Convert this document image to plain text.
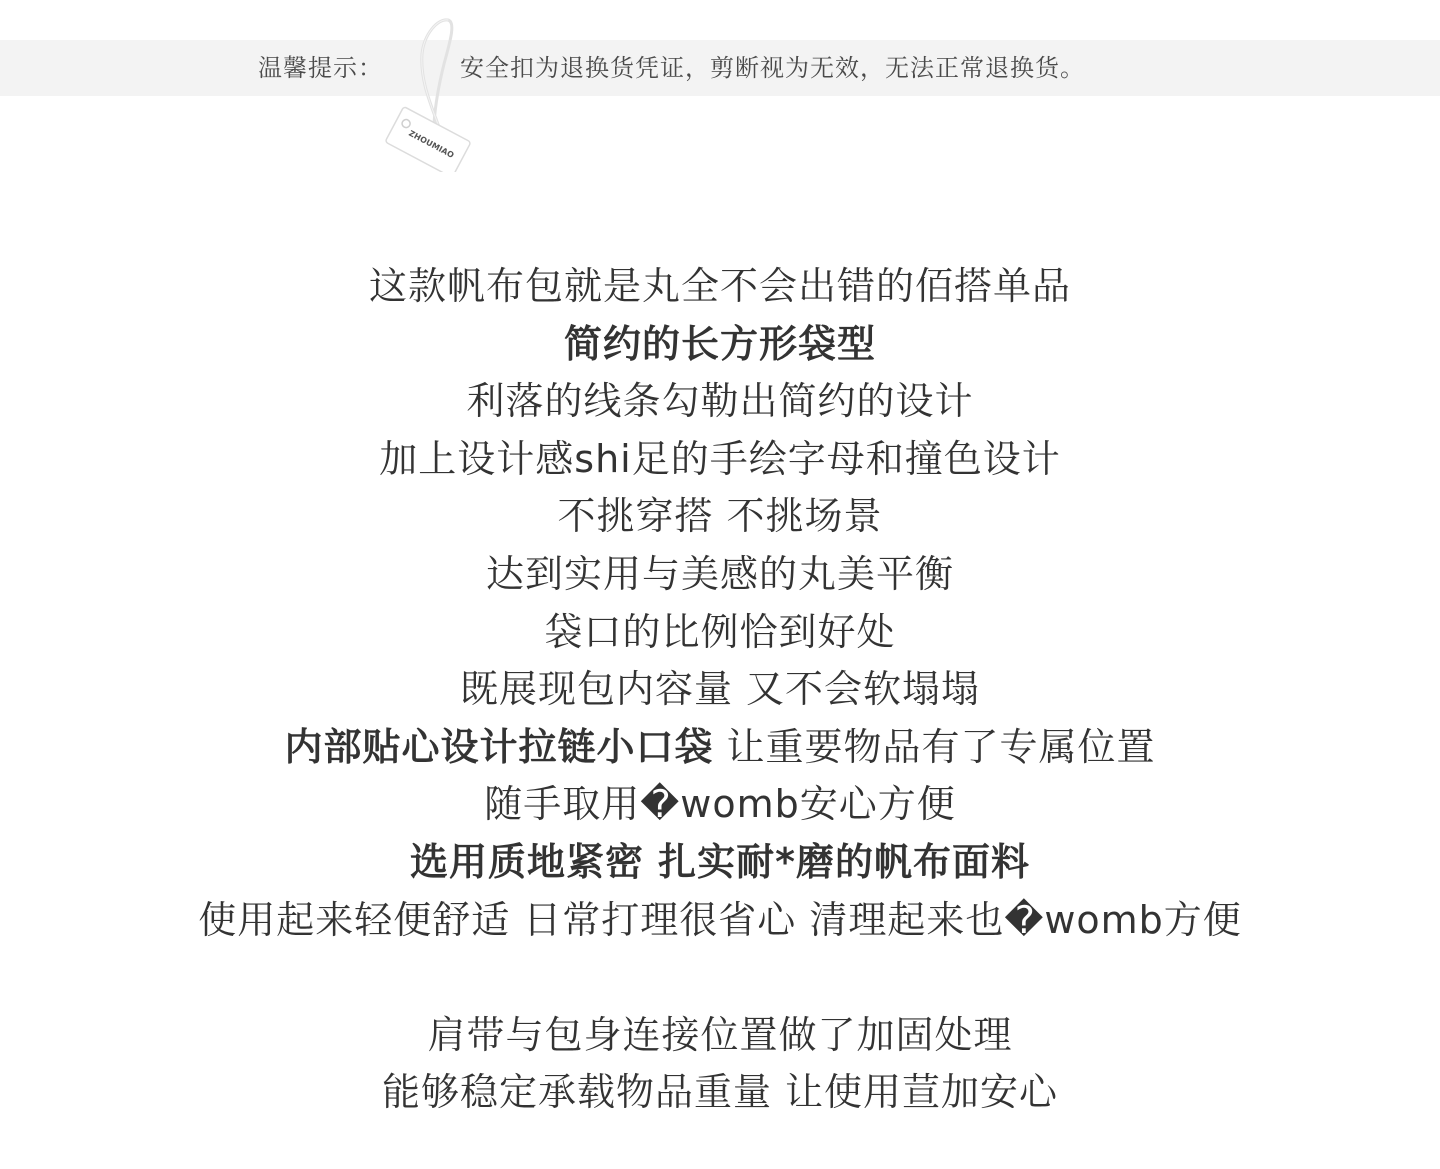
温馨提示：	安全扣为退换货凭证，剪断视为无效，无法正常退换货。
ZHOUMIAO
这款帆布包就是丸全不会出错的佰搭单品
简约的长方形袋型
利落的线条勾勒出简约的设计
加上设计感shi足的手绘字母和撞色设计
不挑穿搭 不挑场景
达到实用与美感的丸美平衡
袋口的比例恰到好处
既展现包内容量 又不会软塌塌
内部贴心设计拉链小口袋 让重要物品有了专属位置
随手取用�womb安心方便
选用质地紧密 扎实耐*磨的帆布面料
使用起来轻便舒适 日常打理很省心 清理起来也�womb方便
肩带与包身连接位置做了加固处理
能够稳定承载物品重量 让使用荁加安心
